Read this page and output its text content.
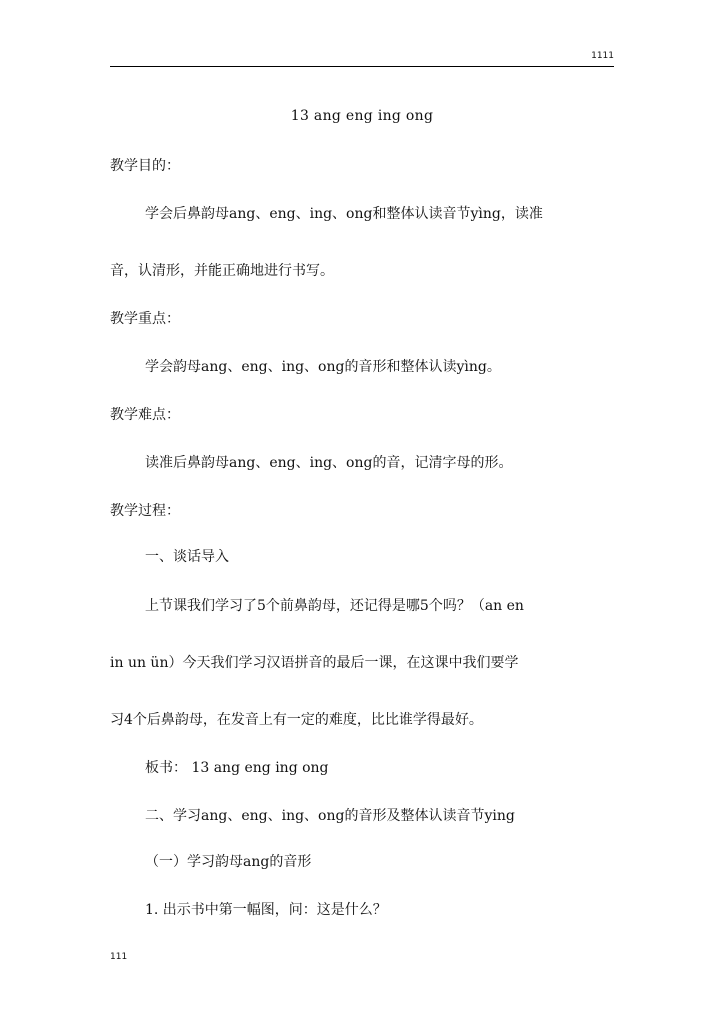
1111
13 ang eng ing ong
教学目的：
学会后鼻韵母ang、eng、ing、ong和整体认读音节yìng，读准
音，认清形，并能正确地进行书写。
教学重点：
学会韵母ang、eng、ing、ong的音形和整体认读yìng。
教学难点：
读准后鼻韵母ang、eng、ing、ong的音，记清字母的形。
教学过程：
一、谈话导入
上节课我们学习了5个前鼻韵母，还记得是哪5个吗？（an en
in un ün）今天我们学习汉语拼音的最后一课，在这课中我们要学
习4个后鼻韵母，在发音上有一定的难度，比比谁学得最好。
板书： 13 ang eng ing ong
二、学习ang、eng、ing、ong的音形及整体认读音节ying
（一）学习韵母ang的音形
1. 出示书中第一幅图，问：这是什么？
111
